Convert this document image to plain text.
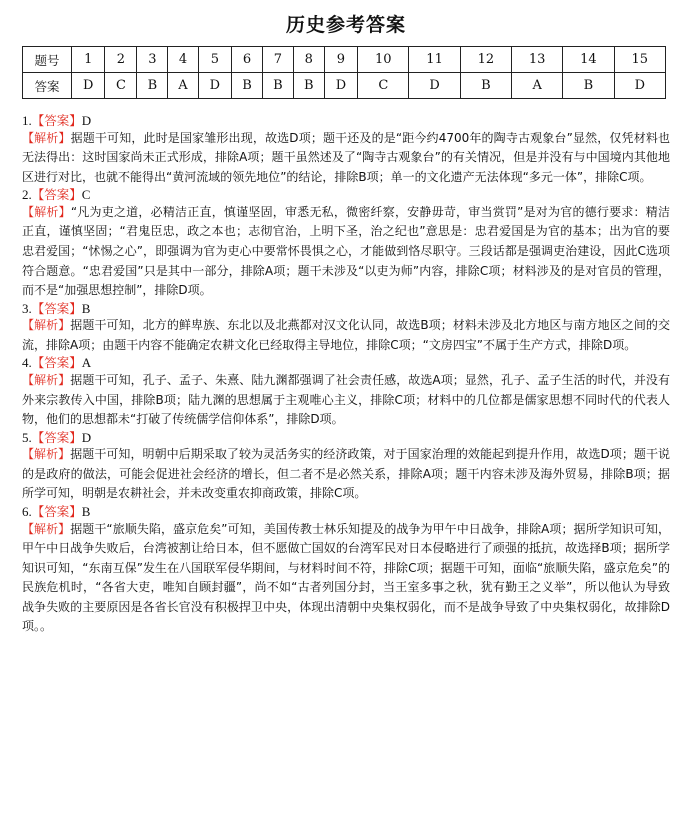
历史参考答案
题号	1	2	3	4	5	6	7	8	9	10	11	12	13	14	15
答案	D	C	B	A	D	B	B	B	D	C	D	B	A	B	D
1.【答案】D
【解析】据题干可知，此时是国家雏形出现，故选D项；题干还及的是“距今约4700年的陶寺古观象台”显然，仅凭材料也无法得出：这时国家尚未正式形成，排除A项；题干虽然述及了“陶寺古观象台”的有关情况，但是并没有与中国境内其他地区进行对比，也就不能得出“黄河流域的领先地位”的结论，排除B项；单一的文化遗产无法体现“多元一体”，排除C项。
2.【答案】C
【解析】“凡为吏之道，必精洁正直，慎谨坚固，审悉无私，微密纤察，安静毋苛，审当赏罚”是对为官的德行要求：精洁正直，谨慎坚固；“君鬼臣忠，政之本也；志彻官治，上明下圣，治之纪也”意思是：忠君爱国是为官的基本；出为官的要忠君爱国；“怵惕之心”，即强调为官为吏心中要常怀畏惧之心，才能做到恪尽职守。三段话都是强调吏治建设，因此C选项符合题意。“忠君爱国”只是其中一部分，排除A项；题干未涉及“以吏为师”内容，排除C项；材料涉及的是对官员的管理，而不是“加强思想控制”，排除D项。
3.【答案】B
【解析】据题干可知，北方的鲜卑族、东北以及北燕都对汉文化认同，故选B项；材料未涉及北方地区与南方地区之间的交流，排除A项；由题干内容不能确定农耕文化已经取得主导地位，排除C项；“文房四宝”不属于生产方式，排除D项。
4.【答案】A
【解析】据题干可知，孔子、孟子、朱熹、陆九渊都强调了社会责任感，故选A项；显然，孔子、孟子生活的时代，并没有外来宗教传入中国，排除B项；陆九渊的思想属于主观唯心主义，排除C项；材料中的几位都是儒家思想不同时代的代表人物，他们的思想都未“打破了传统儒学信仰体系”，排除D项。
5.【答案】D
【解析】据题干可知，明朝中后期采取了较为灵活务实的经济政策，对于国家治理的效能起到提升作用，故选D项；题干说的是政府的做法，可能会促进社会经济的增长，但二者不是必然关系，排除A项；题干内容未涉及海外贸易，排除B项；据所学可知，明朝是农耕社会，并未改变重农抑商政策，排除C项。
6.【答案】B
【解析】据题干“旅顺失陷，盛京危矣”可知，美国传教士林乐知提及的战争为甲午中日战争，排除A项；据所学知识可知，甲午中日战争失败后，台湾被割让给日本，但不愿做亡国奴的台湾军民对日本侵略进行了顽强的抵抗，故选择B项；据所学知识可知，“东南互保”发生在八国联军侵华期间，与材料时间不符，排除C项；据题干可知，面临“旅顺失陷，盛京危矣”的民族危机时，“各省大吏，唯知自顾封疆”，尚不如“古者列国分封，当王室多事之秋，犹有勤王之义举”，所以他认为导致战争失败的主要原因是各省长官没有积极捍卫中央，体现出清朝中央集权弱化，而不是战争导致了中央集权弱化，故排除D项。。
